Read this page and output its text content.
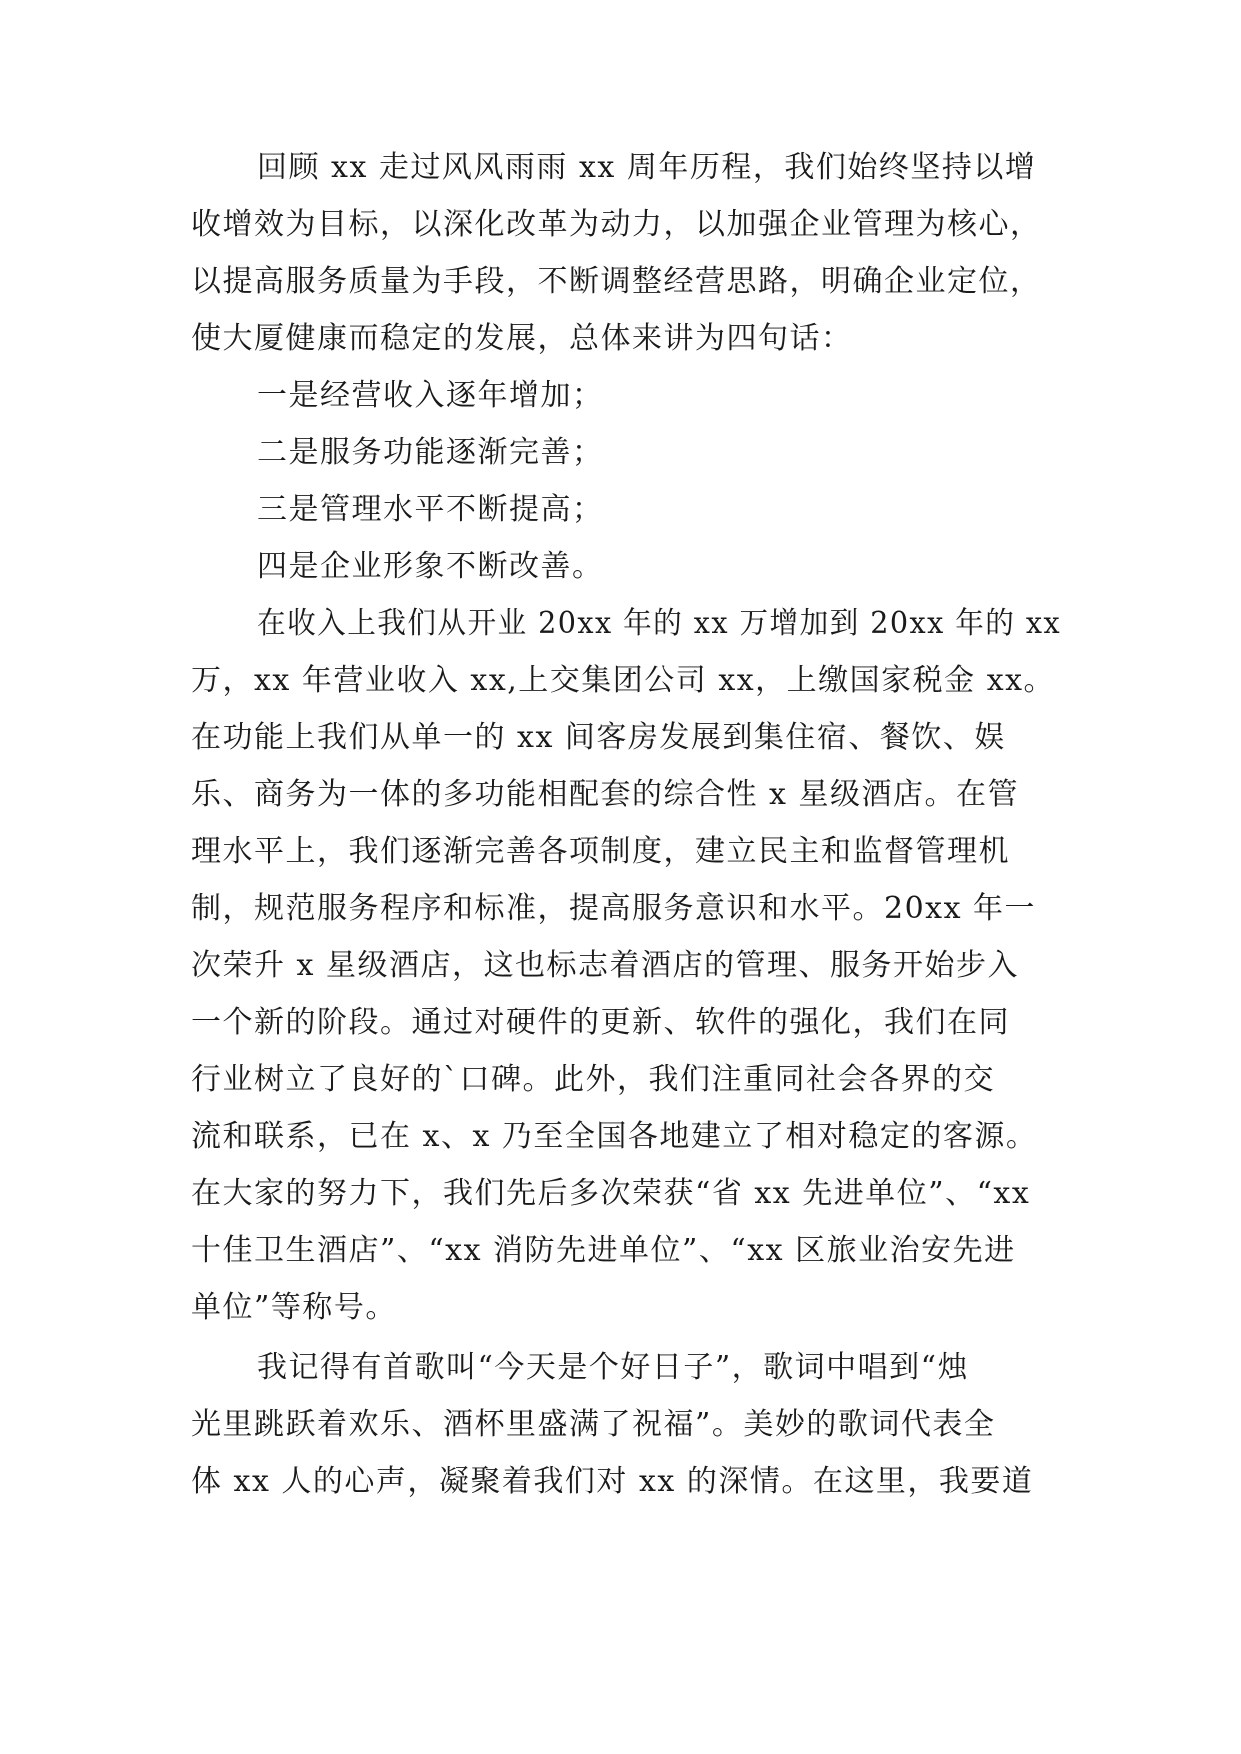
回顾 xx 走过风风雨雨 xx 周年历程，我们始终坚持以增
收增效为目标，以深化改革为动力，以加强企业管理为核心，
以提高服务质量为手段，不断调整经营思路，明确企业定位，
使大厦健康而稳定的发展，总体来讲为四句话：
一是经营收入逐年增加；
二是服务功能逐渐完善；
三是管理水平不断提高；
四是企业形象不断改善。
在收入上我们从开业 20xx 年的 xx 万增加到 20xx 年的 xx
万，xx 年营业收入 xx,上交集团公司 xx，上缴国家税金 xx。
在功能上我们从单一的 xx 间客房发展到集住宿、餐饮、娱
乐、商务为一体的多功能相配套的综合性 x 星级酒店。在管
理水平上，我们逐渐完善各项制度，建立民主和监督管理机
制，规范服务程序和标准，提高服务意识和水平。20xx 年一
次荣升 x 星级酒店，这也标志着酒店的管理、服务开始步入
一个新的阶段。通过对硬件的更新、软件的强化，我们在同
行业树立了良好的`口碑。此外，我们注重同社会各界的交
流和联系，已在 x、x 乃至全国各地建立了相对稳定的客源。
在大家的努力下，我们先后多次荣获“省 xx 先进单位”、“xx
十佳卫生酒店”、“xx 消防先进单位”、“xx 区旅业治安先进
单位”等称号。
我记得有首歌叫“今天是个好日子”，歌词中唱到“烛
光里跳跃着欢乐、酒杯里盛满了祝福”。美妙的歌词代表全
体 xx 人的心声，凝聚着我们对 xx 的深情。在这里，我要道
